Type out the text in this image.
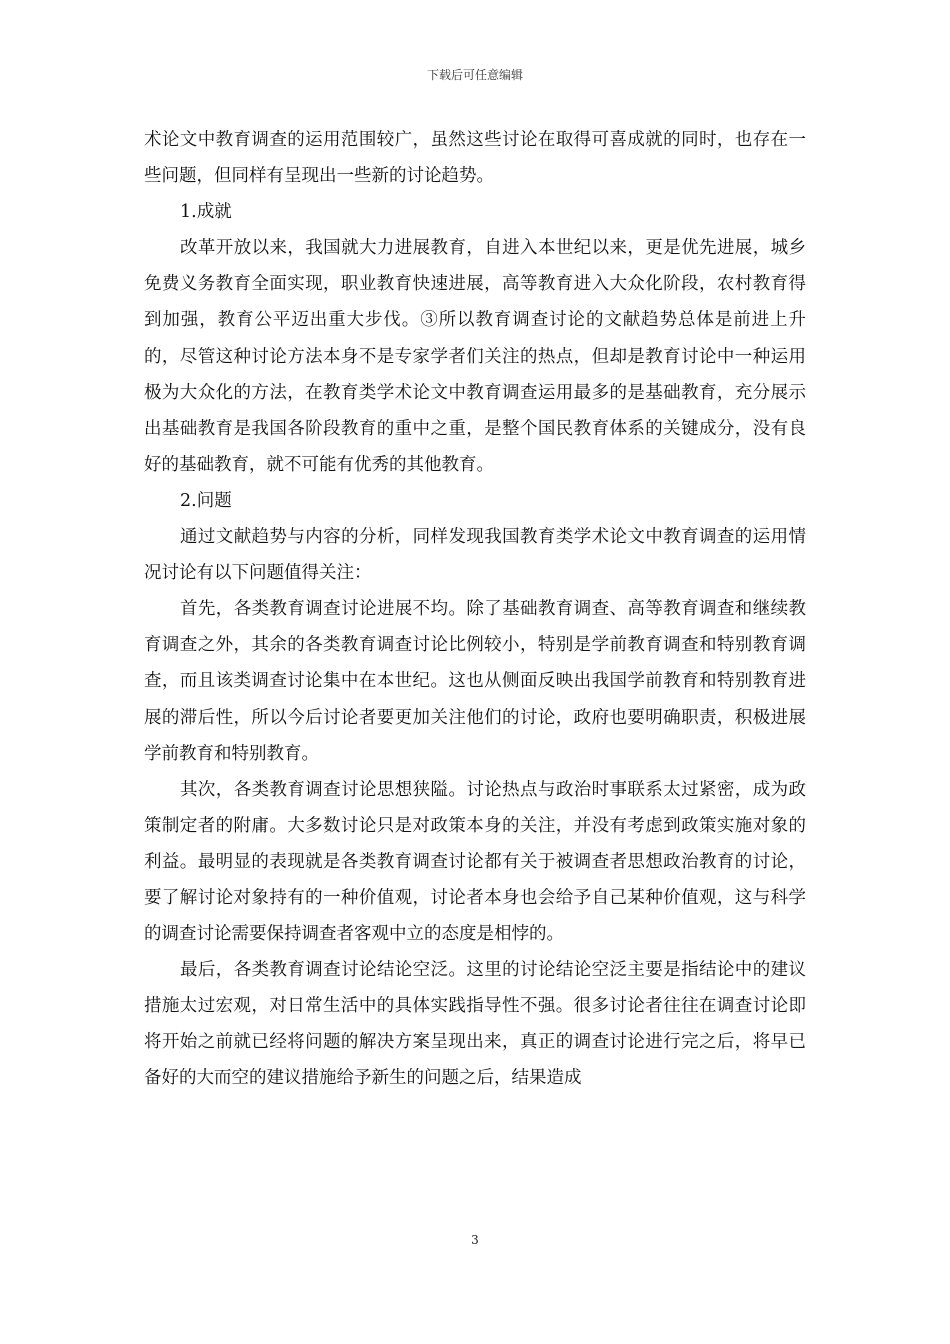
下载后可任意编辑

术论文中教育调查的运用范围较广，虽然这些讨论在取得可喜成就的同时，也存在一些问题，但同样有呈现出一些新的讨论趋势。

1.成就

改革开放以来，我国就大力进展教育，自进入本世纪以来，更是优先进展，城乡免费义务教育全面实现，职业教育快速进展，高等教育进入大众化阶段，农村教育得到加强，教育公平迈出重大步伐。③所以教育调查讨论的文献趋势总体是前进上升的，尽管这种讨论方法本身不是专家学者们关注的热点，但却是教育讨论中一种运用极为大众化的方法，在教育类学术论文中教育调查运用最多的是基础教育，充分展示出基础教育是我国各阶段教育的重中之重，是整个国民教育体系的关键成分，没有良好的基础教育，就不可能有优秀的其他教育。

2.问题

通过文献趋势与内容的分析，同样发现我国教育类学术论文中教育调查的运用情况讨论有以下问题值得关注：

首先，各类教育调查讨论进展不均。除了基础教育调查、高等教育调查和继续教育调查之外，其余的各类教育调查讨论比例较小，特别是学前教育调查和特别教育调查，而且该类调查讨论集中在本世纪。这也从侧面反映出我国学前教育和特别教育进展的滞后性，所以今后讨论者要更加关注他们的讨论，政府也要明确职责，积极进展学前教育和特别教育。

其次，各类教育调查讨论思想狭隘。讨论热点与政治时事联系太过紧密，成为政策制定者的附庸。大多数讨论只是对政策本身的关注，并没有考虑到政策实施对象的利益。最明显的表现就是各类教育调查讨论都有关于被调查者思想政治教育的讨论，要了解讨论对象持有的一种价值观，讨论者本身也会给予自己某种价值观，这与科学的调查讨论需要保持调查者客观中立的态度是相悖的。

最后，各类教育调查讨论结论空泛。这里的讨论结论空泛主要是指结论中的建议措施太过宏观，对日常生活中的具体实践指导性不强。很多讨论者往往在调查讨论即将开始之前就已经将问题的解决方案呈现出来，真正的调查讨论进行完之后，将早已备好的大而空的建议措施给予新生的问题之后，结果造成

3
